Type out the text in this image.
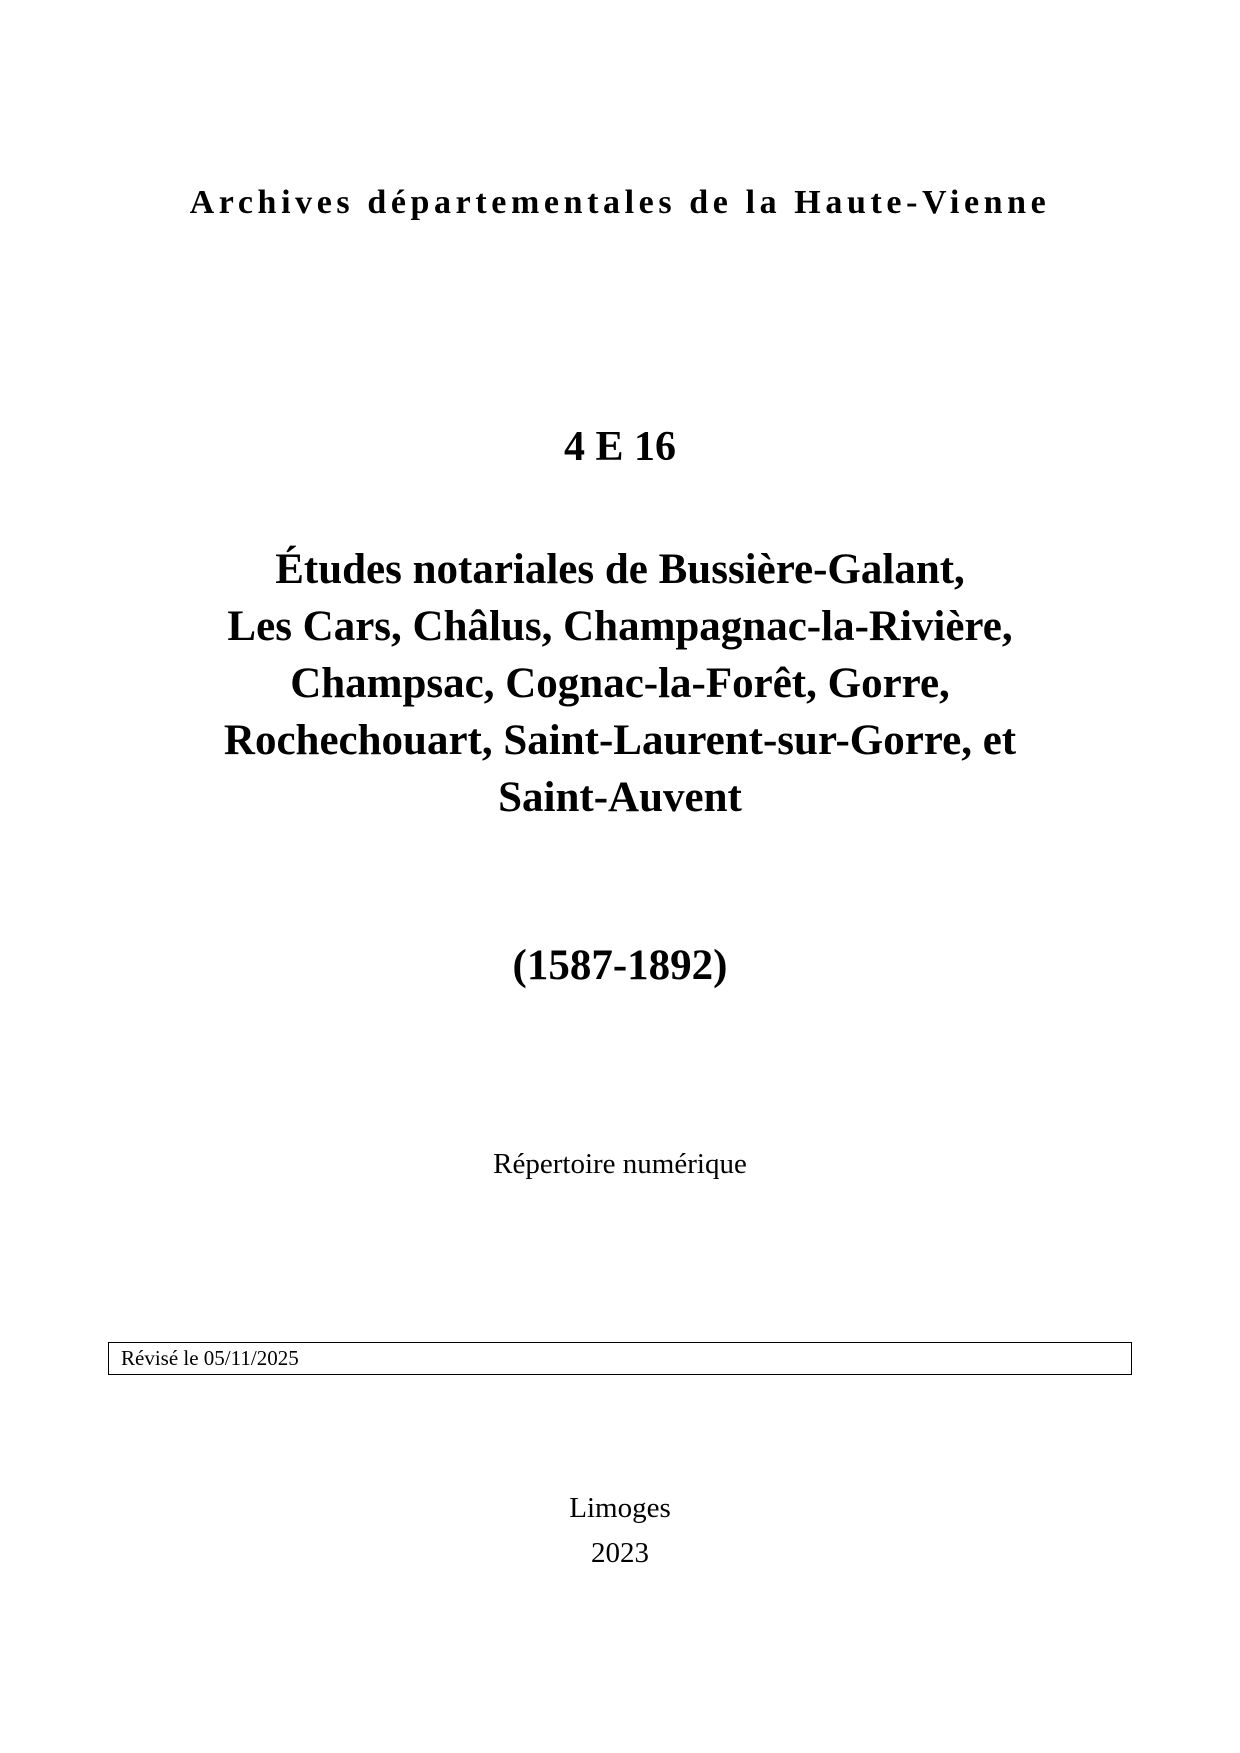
Archives départementales de la Haute-Vienne
4 E 16
Études notariales de Bussière-Galant,
Les Cars, Châlus, Champagnac-la-Rivière,
Champsac, Cognac-la-Forêt, Gorre,
Rochechouart, Saint-Laurent-sur-Gorre, et
Saint-Auvent
(1587-1892)
Répertoire numérique
Révisé le 05/11/2025
Limoges
2023
